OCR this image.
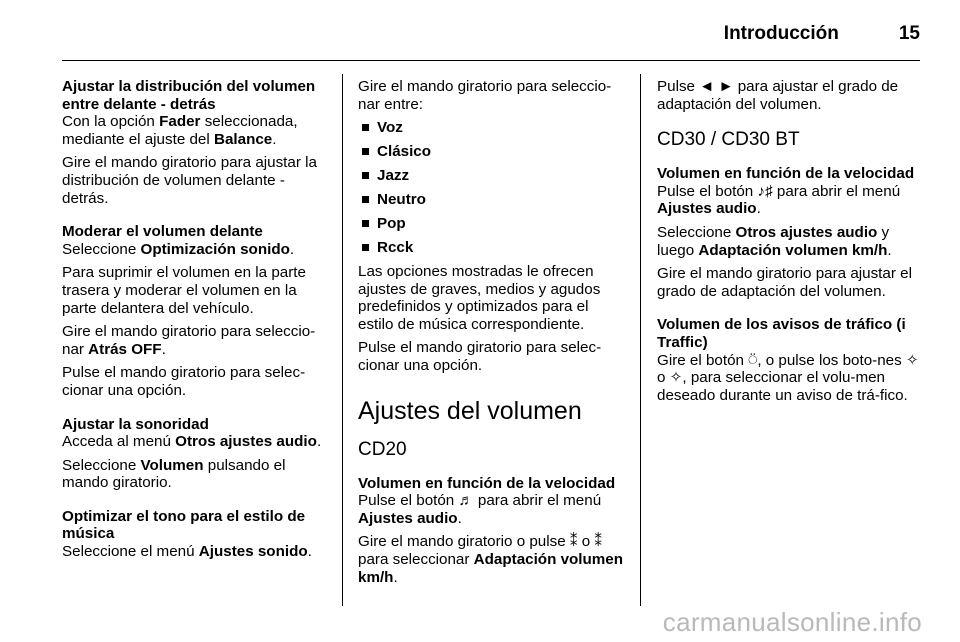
Introducción	15
Ajustar la distribución del volumen entre delante - detrás

Con la opción Fader seleccionada, mediante el ajuste del Balance.

Gire el mando giratorio para ajustar la distribución de volumen delante - detrás.

Moderar el volumen delante

Seleccione Optimización sonido.

Para suprimir el volumen en la parte trasera y moderar el volumen en la parte delantera del vehículo.

Gire el mando giratorio para seleccio-nar Atrás OFF.

Pulse el mando giratorio para selec-cionar una opción.

Ajustar la sonoridad

Acceda al menú Otros ajustes audio.

Seleccione Volumen pulsando el mando giratorio.

Optimizar el tono para el estilo de música

Seleccione el menú Ajustes sonido.

Gire el mando giratorio para seleccio-nar entre:

Voz
Clásico
Jazz
Neutro
Pop
Rcck

Las opciones mostradas le ofrecen ajustes de graves, medios y agudos predefinidos y optimizados para el estilo de música correspondiente.

Pulse el mando giratorio para selec-cionar una opción.

Ajustes del volumen
CD20
Volumen en función de la velocidad

Pulse el botón ♬ para abrir el menú Ajustes audio.

Gire el mando giratorio o pulse ⁑ o ⁑ para seleccionar Adaptación volumen km/h.

Pulse ◄ ► para ajustar el grado de adaptación del volumen.

CD30 / CD30 BT
Volumen en función de la velocidad

Pulse el botón ♪♯ para abrir el menú Ajustes audio.

Seleccione Otros ajustes audio y luego Adaptación volumen km/h.

Gire el mando giratorio para ajustar el grado de adaptación del volumen.

Volumen de los avisos de tráfico (i Traffic)

Gire el botón ⍥, o pulse los boto-nes ✧ o ✧, para seleccionar el volu-men deseado durante un aviso de trá-fico.

carmanualsonline.info
